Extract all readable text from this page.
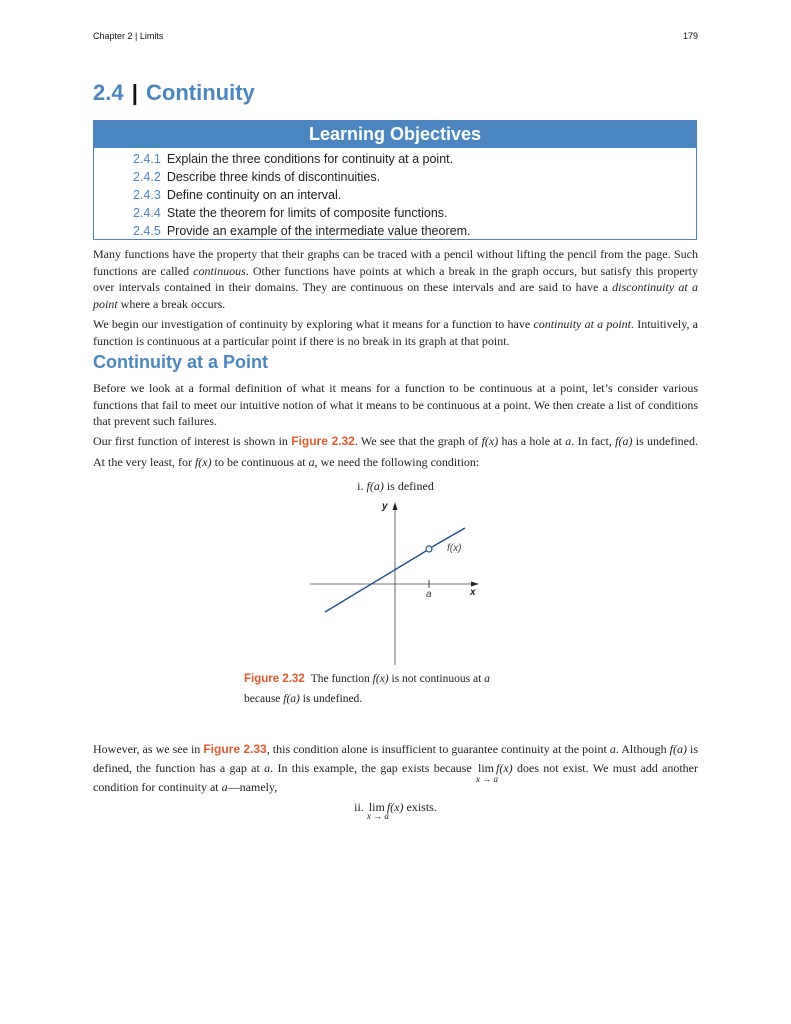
Chapter 2 | Limits	179
2.4 | Continuity
Learning Objectives
2.4.1 Explain the three conditions for continuity at a point.
2.4.2 Describe three kinds of discontinuities.
2.4.3 Define continuity on an interval.
2.4.4 State the theorem for limits of composite functions.
2.4.5 Provide an example of the intermediate value theorem.

Many functions have the property that their graphs can be traced with a pencil without lifting the pencil from the page. Such functions are called continuous. Other functions have points at which a break in the graph occurs, but satisfy this property over intervals contained in their domains. They are continuous on these intervals and are said to have a discontinuity at a point where a break occurs.

We begin our investigation of continuity by exploring what it means for a function to have continuity at a point. Intuitively, a function is continuous at a particular point if there is no break in its graph at that point.

Continuity at a Point

Before we look at a formal definition of what it means for a function to be continuous at a point, let’s consider various functions that fail to meet our intuitive notion of what it means to be continuous at a point. We then create a list of conditions that prevent such failures.

Our first function of interest is shown in Figure 2.32. We see that the graph of f(x) has a hole at a. In fact, f(a) is undefined. At the very least, for f(x) to be continuous at a, we need the following condition:

i. f(a) is defined
y
x
a
f(x)
Figure 2.32 The function f(x) is not continuous at a
because f(a) is undefined.

However, as we see in Figure 2.33, this condition alone is insufficient to guarantee continuity at the point a. Although f(a) is defined, the function has a gap at a. In this example, the gap exists because lim
x → a
f(x) does not exist. We must add another condition for continuity at a—namely,

ii. lim
x → a
f(x) exists.
